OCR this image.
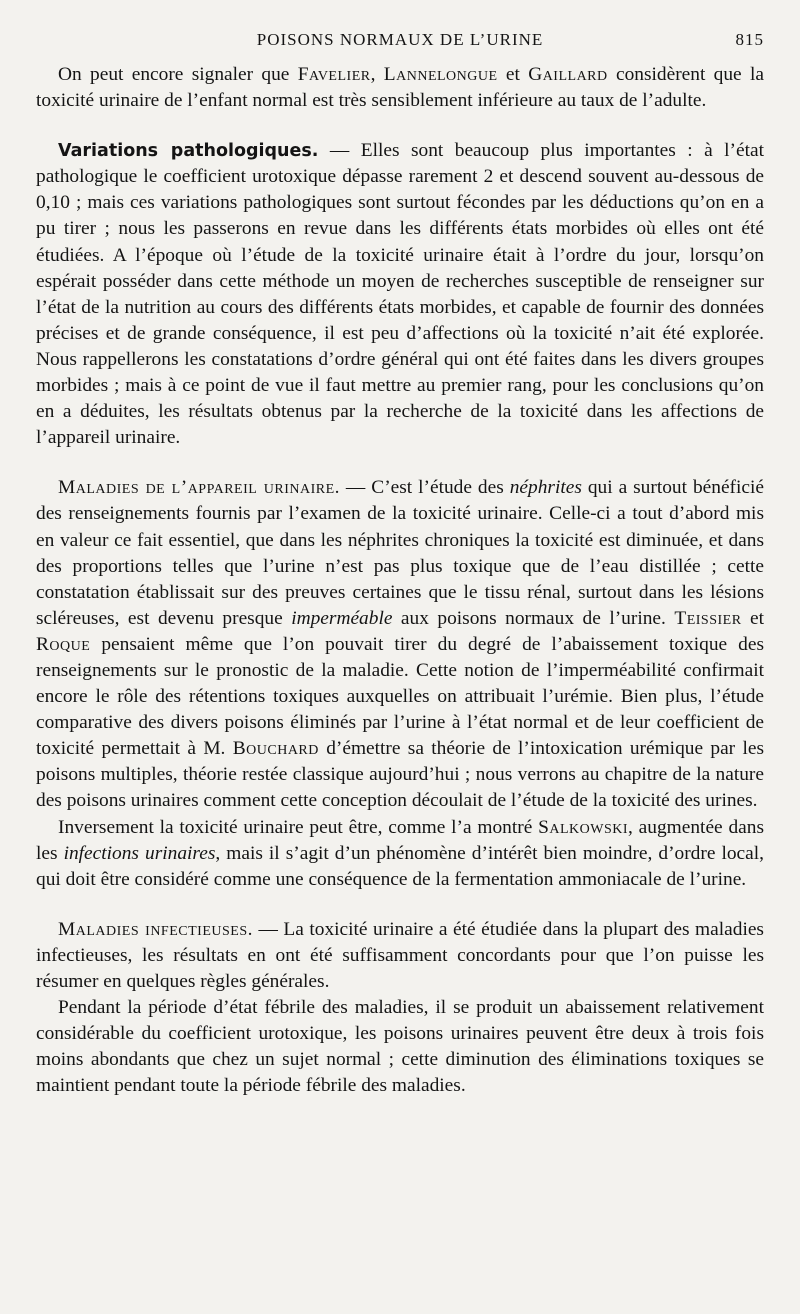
POISONS NORMAUX DE L’URINE	815

On peut encore signaler que Favelier, Lannelongue et Gaillard considèrent que la toxicité urinaire de l’enfant normal est très sensiblement inférieure au taux de l’adulte.

Variations pathologiques. — Elles sont beaucoup plus importantes : à l’état pathologique le coefficient urotoxique dépasse rarement 2 et descend souvent au-dessous de 0,10 ; mais ces variations pathologiques sont surtout fécondes par les déductions qu’on en a pu tirer ; nous les passerons en revue dans les différents états morbides où elles ont été étudiées. A l’époque où l’étude de la toxicité urinaire était à l’ordre du jour, lorsqu’on espérait posséder dans cette méthode un moyen de recherches susceptible de renseigner sur l’état de la nutrition au cours des différents états morbides, et capable de fournir des données précises et de grande conséquence, il est peu d’affections où la toxicité n’ait été explorée. Nous rappellerons les constatations d’ordre général qui ont été faites dans les divers groupes morbides ; mais à ce point de vue il faut mettre au premier rang, pour les conclusions qu’on en a déduites, les résultats obtenus par la recherche de la toxicité dans les affections de l’appareil urinaire.

Maladies de l’appareil urinaire. — C’est l’étude des néphrites qui a surtout bénéficié des renseignements fournis par l’examen de la toxicité urinaire. Celle-ci a tout d’abord mis en valeur ce fait essentiel, que dans les néphrites chroniques la toxicité est diminuée, et dans des proportions telles que l’urine n’est pas plus toxique que de l’eau distillée ; cette constatation établissait sur des preuves certaines que le tissu rénal, surtout dans les lésions scléreuses, est devenu presque imperméable aux poisons normaux de l’urine. Teissier et Roque pensaient même que l’on pouvait tirer du degré de l’abaissement toxique des renseignements sur le pronostic de la maladie. Cette notion de l’imperméabilité confirmait encore le rôle des rétentions toxiques auxquelles on attribuait l’urémie. Bien plus, l’étude comparative des divers poisons éliminés par l’urine à l’état normal et de leur coefficient de toxicité permettait à M. Bouchard d’émettre sa théorie de l’intoxication urémique par les poisons multiples, théorie restée classique aujourd’hui ; nous verrons au chapitre de la nature des poisons urinaires comment cette conception découlait de l’étude de la toxicité des urines.

Inversement la toxicité urinaire peut être, comme l’a montré Salkowski, augmentée dans les infections urinaires, mais il s’agit d’un phénomène d’intérêt bien moindre, d’ordre local, qui doit être considéré comme une conséquence de la fermentation ammoniacale de l’urine.

Maladies infectieuses. — La toxicité urinaire a été étudiée dans la plupart des maladies infectieuses, les résultats en ont été suffisamment concordants pour que l’on puisse les résumer en quelques règles générales.

Pendant la période d’état fébrile des maladies, il se produit un abaissement relativement considérable du coefficient urotoxique, les poisons urinaires peuvent être deux à trois fois moins abondants que chez un sujet normal ; cette diminution des éliminations toxiques se maintient pendant toute la période fébrile des maladies.
